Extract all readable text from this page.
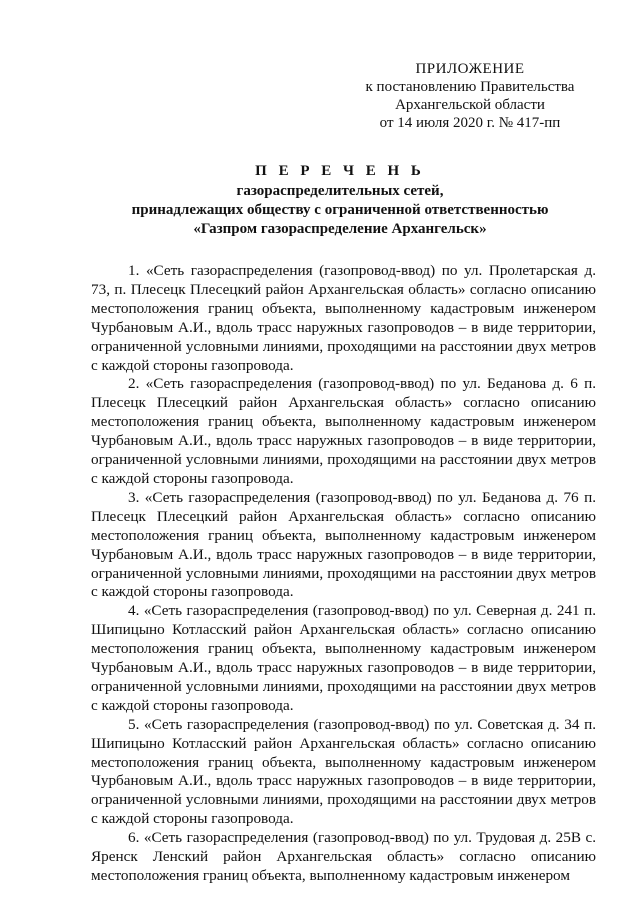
ПРИЛОЖЕНИЕ
к постановлению Правительства
Архангельской области
от 14 июля 2020 г. № 417-пп
П Е Р Е Ч Е Н Ь
газораспределительных сетей,
принадлежащих обществу с ограниченной ответственностью
«Газпром газораспределение Архангельск»

1. «Сеть газораспределения (газопровод-ввод) по ул. Пролетарская д. 73, п. Плесецк Плесецкий район Архангельская область» согласно описанию местоположения границ объекта, выполненному кадастровым инженером Чурбановым А.И., вдоль трасс наружных газопроводов – в виде территории, ограниченной условными линиями, проходящими на расстоянии двух метров с каждой стороны газопровода.

2. «Сеть газораспределения (газопровод-ввод) по ул. Беданова д. 6 п. Плесецк Плесецкий район Архангельская область» согласно описанию местоположения границ объекта, выполненному кадастровым инженером Чурбановым А.И., вдоль трасс наружных газопроводов – в виде территории, ограниченной условными линиями, проходящими на расстоянии двух метров с каждой стороны газопровода.

3. «Сеть газораспределения (газопровод-ввод) по ул. Беданова д. 76 п. Плесецк Плесецкий район Архангельская область» согласно описанию местоположения границ объекта, выполненному кадастровым инженером Чурбановым А.И., вдоль трасс наружных газопроводов – в виде территории, ограниченной условными линиями, проходящими на расстоянии двух метров с каждой стороны газопровода.

4. «Сеть газораспределения (газопровод-ввод) по ул. Северная д. 241 п. Шипицыно Котласский район Архангельская область» согласно описанию местоположения границ объекта, выполненному кадастровым инженером Чурбановым А.И., вдоль трасс наружных газопроводов – в виде территории, ограниченной условными линиями, проходящими на расстоянии двух метров с каждой стороны газопровода.

5. «Сеть газораспределения (газопровод-ввод) по ул. Советская д. 34 п. Шипицыно Котласский район Архангельская область» согласно описанию местоположения границ объекта, выполненному кадастровым инженером Чурбановым А.И., вдоль трасс наружных газопроводов – в виде территории, ограниченной условными линиями, проходящими на расстоянии двух метров с каждой стороны газопровода.

6. «Сеть газораспределения (газопровод-ввод) по ул. Трудовая д. 25В с. Яренск Ленский район Архангельская область» согласно описанию местоположения границ объекта, выполненному кадастровым инженером
